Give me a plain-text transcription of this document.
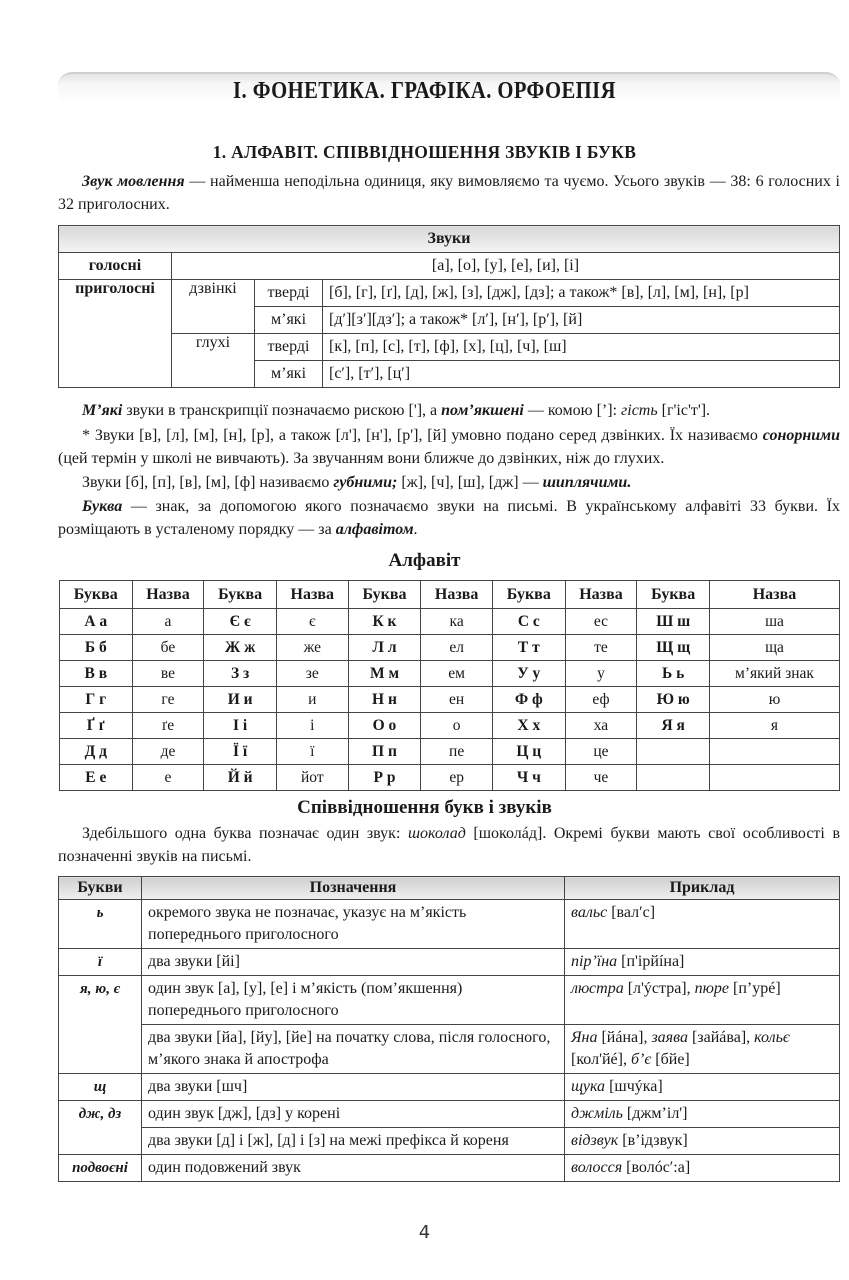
І. ФОНЕТИКА. ГРАФІКА. ОРФОЕПІЯ
1. АЛФАВІТ. СПІВВІДНОШЕННЯ ЗВУКІВ І БУКВ
Звук мовлення — найменша неподільна одиниця, яку вимовляємо та чуємо. Усього звуків — 38: 6 голосних і 32 приголосних.
Звуки			
голосні	[а], [о], [у], [е], [и], [і]		
приголосні	дзвінкі	тверді	[б], [г], [ґ], [д], [ж], [з], [дж], [дз]; а також* [в], [л], [м], [н], [р]
		м’які	[д′][з′][дз′]; а також* [л′], [н′], [р′], [й]
	глухі	тверді	[к], [п], [с], [т], [ф], [х], [ц], [ч], [ш]
		м’які	[с′], [т′], [ц′]
М’які звуки в транскрипції позначаємо рискою ['], а пом’якшені — комою [’]: гість [г'іс'т'].
* Звуки [в], [л], [м], [н], [р], а також [л'], [н'], [р'], [й] умовно подано серед дзвінких. Їх називаємо сонорними (цей термін у школі не вивчають). За звучанням вони ближче до дзвінких, ніж до глухих.
Звуки [б], [п], [в], [м], [ф] називаємо губними; [ж], [ч], [ш], [дж] — шиплячими.
Буква — знак, за допомогою якого позначаємо звуки на письмі. В українському алфавіті 33 букви. Їх розміщають в усталеному порядку — за алфавітом.
Алфавіт
Буква	Назва	Буква	Назва	Буква	Назва	Буква	Назва	Буква	Назва
А а	а	Є є	є	К к	ка	С с	ес	Ш ш	ша
Б б	бе	Ж ж	же	Л л	ел	Т т	те	Щ щ	ща
В в	ве	З з	зе	М м	ем	У у	у	Ь ь	м’який знак
Г г	ге	И и	и	Н н	ен	Ф ф	еф	Ю ю	ю
Ґ ґ	ґе	І і	і	О о	о	Х х	ха	Я я	я
Д д	де	Ї ї	ї	П п	пе	Ц ц	це		
Е е	е	Й й	йот	Р р	ер	Ч ч	че		
Співвідношення букв і звуків
Здебільшого одна буква позначає один звук: шоколад [шоколáд]. Окремі букви мають свої особливості в позначенні звуків на письмі.
Букви	Позначення	Приклад
ь	окремого звука не позначає, указує на м’якість попереднього приголосного	вальс [вал′с]
ї	два звуки [йі]	пір’їна [п'ірйíна]
я, ю, є	один звук [а], [у], [е] і м’якість (пом’якшення) попереднього приголосного	люстра [л'ýстра], пюре [п’урé]
	два звуки [йа], [йу], [йе] на початку слова, після голосного, м’якого знака й апострофа	Яна [йáна], заява [зайáва], кольє [кол'йé], б’є [бйе]
щ	два звуки [шч]	щука [шчýка]
дж, дз	один звук [дж], [дз] у корені	джміль [джм’іл']
	два звуки [д] і [ж], [д] і [з] на межі префікса й кореня	відзвук [в’ідзвук]
подвоєні	один подовжений звук	волосся [волóс′:а]
4
